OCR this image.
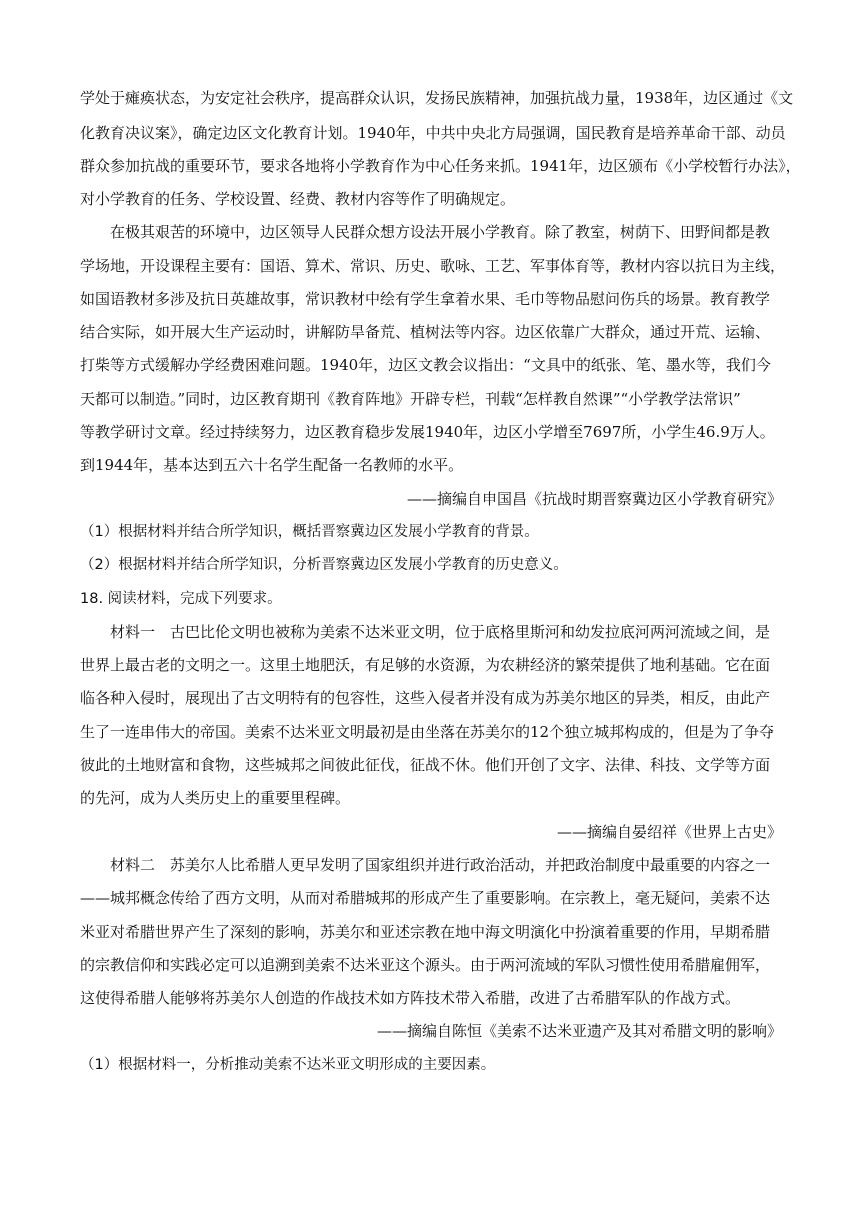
学处于瘫痪状态，为安定社会秩序，提高群众认识，发扬民族精神，加强抗战力量，1938年，边区通过《文
化教育决议案》，确定边区文化教育计划。1940年，中共中央北方局强调，国民教育是培养革命干部、动员
群众参加抗战的重要环节，要求各地将小学教育作为中心任务来抓。1941年，边区颁布《小学校暂行办法》，
对小学教育的任务、学校设置、经费、教材内容等作了明确规定。
在极其艰苦的环境中，边区领导人民群众想方设法开展小学教育。除了教室，树荫下、田野间都是教
学场地，开设课程主要有：国语、算术、常识、历史、歌咏、工艺、军事体育等，教材内容以抗日为主线，
如国语教材多涉及抗日英雄故事，常识教材中绘有学生拿着水果、毛巾等物品慰问伤兵的场景。教育教学
结合实际，如开展大生产运动时，讲解防旱备荒、植树法等内容。边区依靠广大群众，通过开荒、运输、
打柴等方式缓解办学经费困难问题。1940年，边区文教会议指出：“文具中的纸张、笔、墨水等，我们今
天都可以制造。”同时，边区教育期刊《教育阵地》开辟专栏，刊载“怎样教自然课”“小学教学法常识”
等教学研讨文章。经过持续努力，边区教育稳步发展1940年，边区小学增至7697所，小学生46.9万人。
到1944年，基本达到五六十名学生配备一名教师的水平。
——摘编自申国昌《抗战时期晋察冀边区小学教育研究》
（1）根据材料并结合所学知识，概括晋察冀边区发展小学教育的背景。
（2）根据材料并结合所学知识，分析晋察冀边区发展小学教育的历史意义。
18. 阅读材料，完成下列要求。
材料一　古巴比伦文明也被称为美索不达米亚文明，位于底格里斯河和幼发拉底河两河流域之间，是
世界上最古老的文明之一。这里土地肥沃，有足够的水资源，为农耕经济的繁荣提供了地利基础。它在面
临各种入侵时，展现出了古文明特有的包容性，这些入侵者并没有成为苏美尔地区的异类，相反，由此产
生了一连串伟大的帝国。美索不达米亚文明最初是由坐落在苏美尔的12个独立城邦构成的，但是为了争夺
彼此的土地财富和食物，这些城邦之间彼此征伐，征战不休。他们开创了文字、法律、科技、文学等方面
的先河，成为人类历史上的重要里程碑。
——摘编自晏绍祥《世界上古史》
材料二　苏美尔人比希腊人更早发明了国家组织并进行政治活动，并把政治制度中最重要的内容之一
——城邦概念传给了西方文明，从而对希腊城邦的形成产生了重要影响。在宗教上，毫无疑问，美索不达
米亚对希腊世界产生了深刻的影响，苏美尔和亚述宗教在地中海文明演化中扮演着重要的作用，早期希腊
的宗教信仰和实践必定可以追溯到美索不达米亚这个源头。由于两河流域的军队习惯性使用希腊雇佣军，
这使得希腊人能够将苏美尔人创造的作战技术如方阵技术带入希腊，改进了古希腊军队的作战方式。
——摘编自陈恒《美索不达米亚遗产及其对希腊文明的影响》
（1）根据材料一，分析推动美索不达米亚文明形成的主要因素。
